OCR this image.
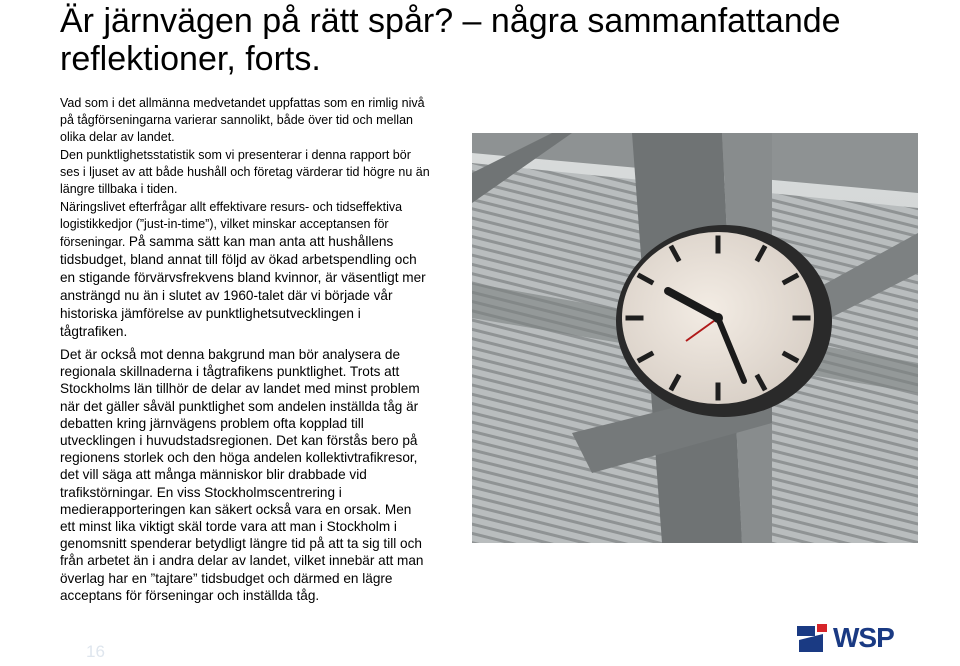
Är järnvägen på rätt spår? – några sammanfattande reflektioner, forts.

Vad som i det allmänna medvetandet uppfattas som en rimlig nivå på tågförseningarna varierar sannolikt, både över tid och mellan olika delar av landet.

Den punktlighetsstatistik som vi presenterar i denna rapport bör ses i ljuset av att både hushåll och företag värderar tid högre nu än längre tillbaka i tiden.

Näringslivet efterfrågar allt effektivare resurs- och tidseffektiva logistikkedjor (”just-in-time”), vilket minskar acceptansen för förseningar. På samma sätt kan man anta att hushållens tidsbudget, bland annat till följd av ökad arbetspendling och en stigande förvärvsfrekvens bland kvinnor, är väsentligt mer ansträngd nu än i slutet av 1960-talet där vi började vår historiska jämförelse av punktlighetsutvecklingen i tågtrafiken.

Det är också mot denna bakgrund man bör analysera de regionala skillnaderna i tågtrafikens punktlighet. Trots att Stockholms län tillhör de delar av landet med minst problem när det gäller såväl punktlighet som andelen inställda tåg är debatten kring järnvägens problem ofta kopplad till utvecklingen i huvudstadsregionen. Det kan förstås bero på regionens storlek och den höga andelen kollektivtrafikresor, det vill säga att många människor blir drabbade vid trafikstörningar. En viss Stockholmscentrering i medierapporteringen kan säkert också vara en orsak. Men ett minst lika viktigt skäl torde vara att man i Stockholm i genomsnitt spenderar betydligt längre tid på att ta sig till och från arbetet än i andra delar av landet, vilket innebär att man överlag har en ”tajtare” tidsbudget och därmed en lägre acceptans för förseningar och inställda tåg.

16	WSP
